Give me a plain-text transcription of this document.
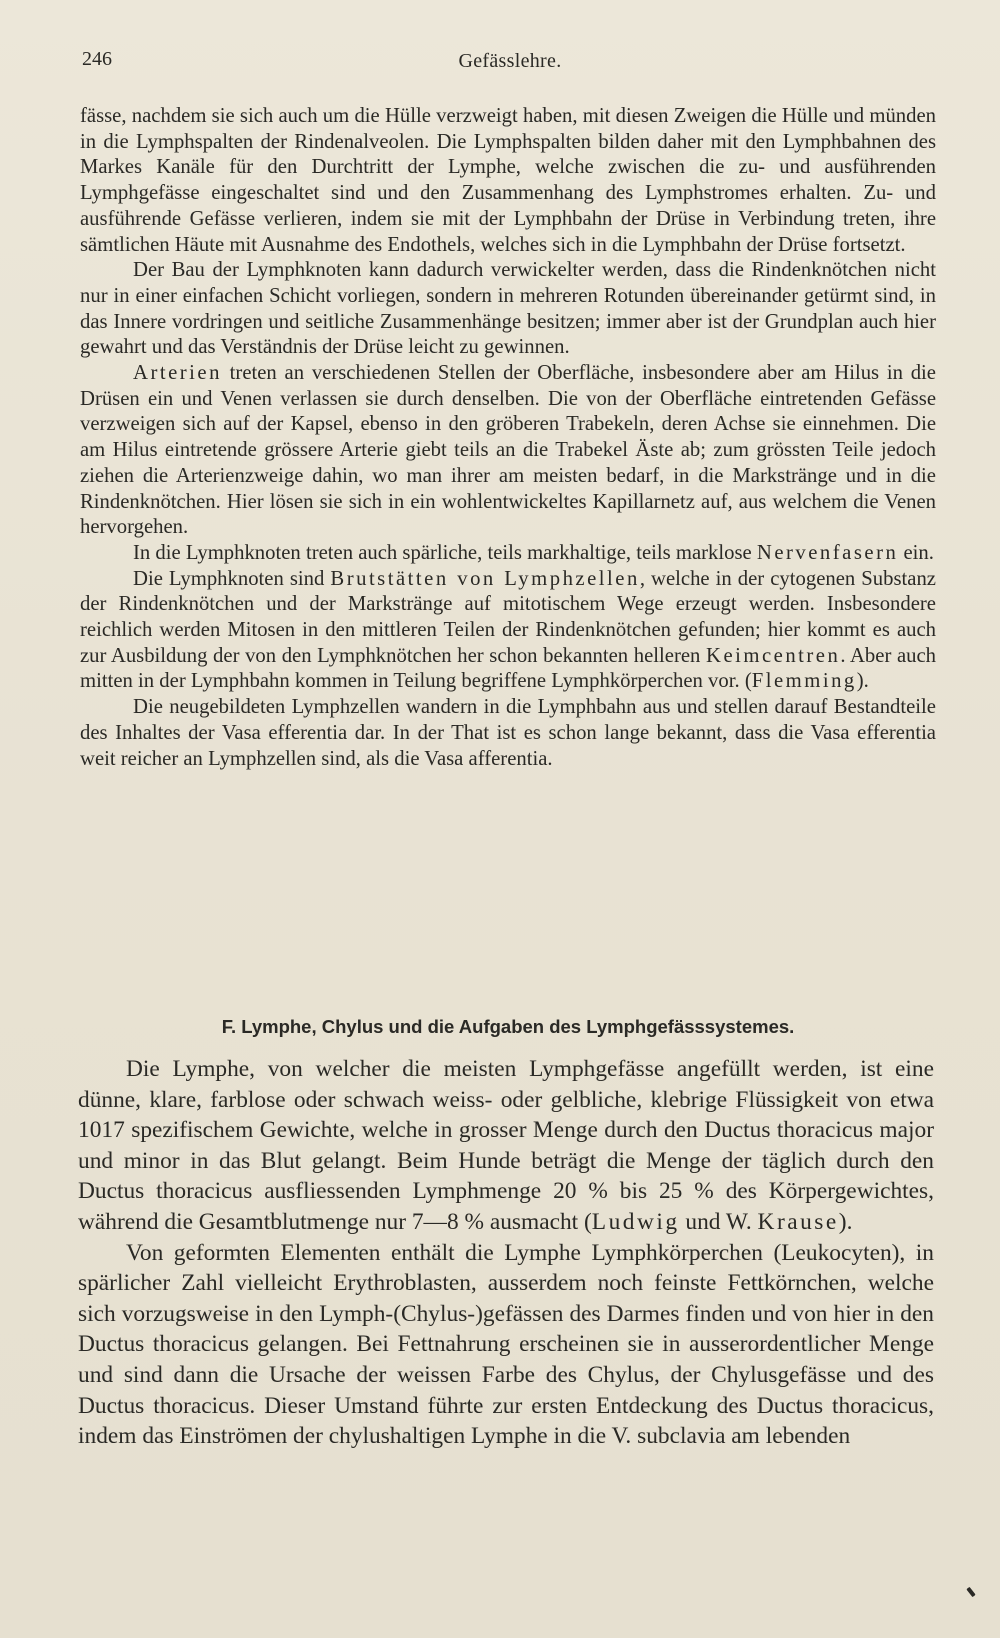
246	Gefässlehre.

fässe, nachdem sie sich auch um die Hülle verzweigt haben, mit diesen Zweigen die Hülle und münden in die Lymphspalten der Rindenalveolen. Die Lymphspalten bilden daher mit den Lymphbahnen des Markes Kanäle für den Durchtritt der Lymphe, welche zwischen die zu- und ausführenden Lymphgefässe eingeschaltet sind und den Zusammenhang des Lymphstromes erhalten. Zu- und ausführende Gefässe verlieren, indem sie mit der Lymphbahn der Drüse in Verbindung treten, ihre sämtlichen Häute mit Ausnahme des Endothels, welches sich in die Lymphbahn der Drüse fortsetzt.

Der Bau der Lymphknoten kann dadurch verwickelter werden, dass die Rindenknötchen nicht nur in einer einfachen Schicht vorliegen, sondern in mehreren Rotunden übereinander getürmt sind, in das Innere vordringen und seitliche Zusammenhänge besitzen; immer aber ist der Grundplan auch hier gewahrt und das Verständnis der Drüse leicht zu gewinnen.

Arterien treten an verschiedenen Stellen der Oberfläche, insbesondere aber am Hilus in die Drüsen ein und Venen verlassen sie durch denselben. Die von der Oberfläche eintretenden Gefässe verzweigen sich auf der Kapsel, ebenso in den gröberen Trabekeln, deren Achse sie einnehmen. Die am Hilus eintretende grössere Arterie giebt teils an die Trabekel Äste ab; zum grössten Teile jedoch ziehen die Arterienzweige dahin, wo man ihrer am meisten bedarf, in die Markstränge und in die Rindenknötchen. Hier lösen sie sich in ein wohlentwickeltes Kapillarnetz auf, aus welchem die Venen hervorgehen.

In die Lymphknoten treten auch spärliche, teils markhaltige, teils marklose Nervenfasern ein.

Die Lymphknoten sind Brutstätten von Lymphzellen, welche in der cytogenen Substanz der Rindenknötchen und der Markstränge auf mitotischem Wege erzeugt werden. Insbesondere reichlich werden Mitosen in den mittleren Teilen der Rindenknötchen gefunden; hier kommt es auch zur Ausbildung der von den Lymphknötchen her schon bekannten helleren Keimcentren. Aber auch mitten in der Lymphbahn kommen in Teilung begriffene Lymphkörperchen vor. (Flemming).

Die neugebildeten Lymphzellen wandern in die Lymphbahn aus und stellen darauf Bestandteile des Inhaltes der Vasa efferentia dar. In der That ist es schon lange bekannt, dass die Vasa efferentia weit reicher an Lymphzellen sind, als die Vasa afferentia.

F. Lymphe, Chylus und die Aufgaben des Lymphgefässsystemes.

Die Lymphe, von welcher die meisten Lymphgefässe angefüllt werden, ist eine dünne, klare, farblose oder schwach weiss- oder gelbliche, klebrige Flüssigkeit von etwa 1017 spezifischem Gewichte, welche in grosser Menge durch den Ductus thoracicus major und minor in das Blut gelangt. Beim Hunde beträgt die Menge der täglich durch den Ductus thoracicus ausfliessenden Lymphmenge 20 % bis 25 % des Körpergewichtes, während die Gesamtblutmenge nur 7—8 % ausmacht (Ludwig und W. Krause).

Von geformten Elementen enthält die Lymphe Lymphkörperchen (Leukocyten), in spärlicher Zahl vielleicht Erythroblasten, ausserdem noch feinste Fettkörnchen, welche sich vorzugsweise in den Lymph-(Chylus-)gefässen des Darmes finden und von hier in den Ductus thoracicus gelangen. Bei Fettnahrung erscheinen sie in ausserordentlicher Menge und sind dann die Ursache der weissen Farbe des Chylus, der Chylusgefässe und des Ductus thoracicus. Dieser Umstand führte zur ersten Entdeckung des Ductus thoracicus, indem das Einströmen der chylushaltigen Lymphe in die V. subclavia am lebenden
